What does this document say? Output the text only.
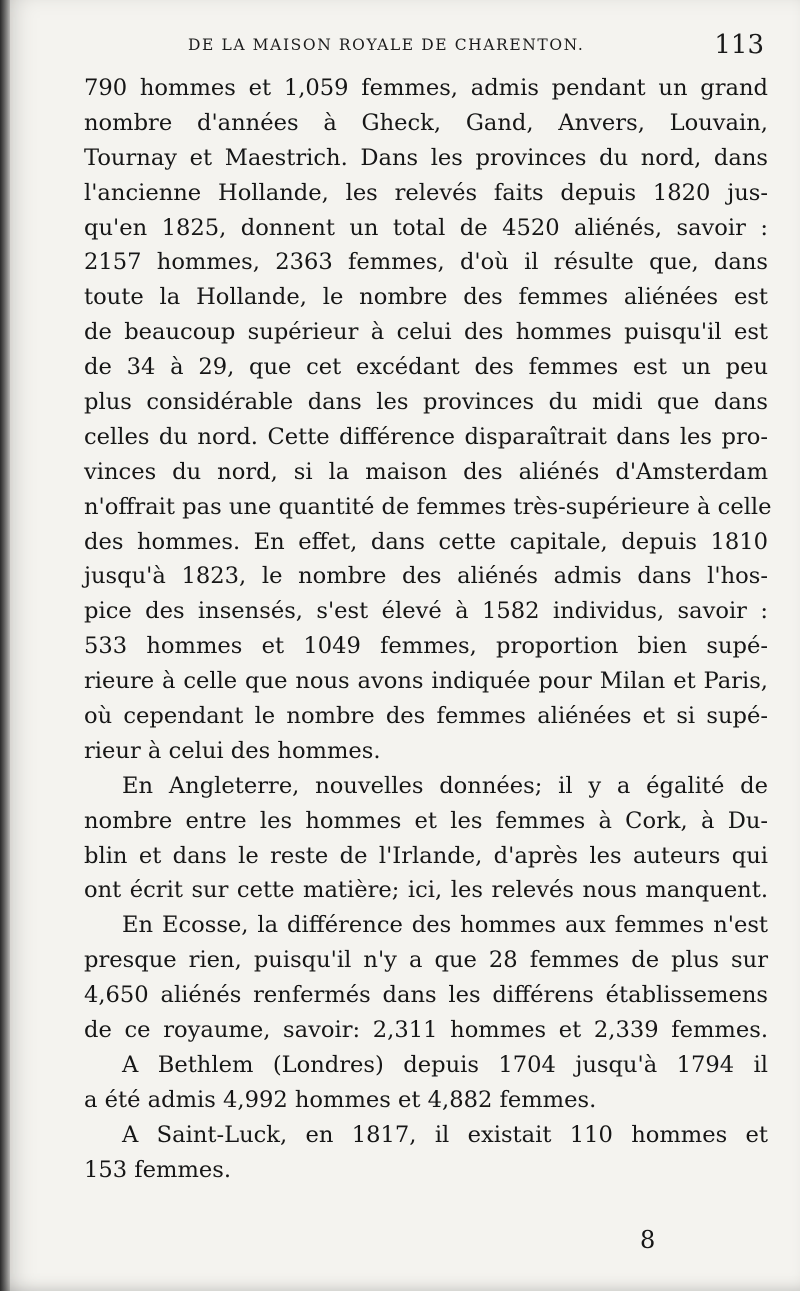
DE LA MAISON ROYALE DE CHARENTON.	113
790 hommes et 1,059 femmes, admis pendant un grand
nombre d'années à Gheck, Gand, Anvers, Louvain,
Tournay et Maestrich. Dans les provinces du nord, dans
l'ancienne Hollande, les relevés faits depuis 1820 jus-
qu'en 1825, donnent un total de 4520 aliénés, savoir :
2157 hommes, 2363 femmes, d'où il résulte que, dans
toute la Hollande, le nombre des femmes aliénées est
de beaucoup supérieur à celui des hommes puisqu'il est
de 34 à 29, que cet excédant des femmes est un peu
plus considérable dans les provinces du midi que dans
celles du nord. Cette différence disparaîtrait dans les pro-
vinces du nord, si la maison des aliénés d'Amsterdam
n'offrait pas une quantité de femmes très-supérieure à celle
des hommes. En effet, dans cette capitale, depuis 1810
jusqu'à 1823, le nombre des aliénés admis dans l'hos-
pice des insensés, s'est élevé à 1582 individus, savoir :
533 hommes et 1049 femmes, proportion bien supé-
rieure à celle que nous avons indiquée pour Milan et Paris,
où cependant le nombre des femmes aliénées et si supé-
rieur à celui des hommes.
En Angleterre, nouvelles données; il y a égalité de
nombre entre les hommes et les femmes à Cork, à Du-
blin et dans le reste de l'Irlande, d'après les auteurs qui
ont écrit sur cette matière; ici, les relevés nous manquent.
En Ecosse, la différence des hommes aux femmes n'est
presque rien, puisqu'il n'y a que 28 femmes de plus sur
4,650 aliénés renfermés dans les différens établissemens
de ce royaume, savoir: 2,311 hommes et 2,339 femmes.
A Bethlem (Londres) depuis 1704 jusqu'à 1794 il
a été admis 4,992 hommes et 4,882 femmes.
A Saint-Luck, en 1817, il existait 110 hommes et
153 femmes.
8
